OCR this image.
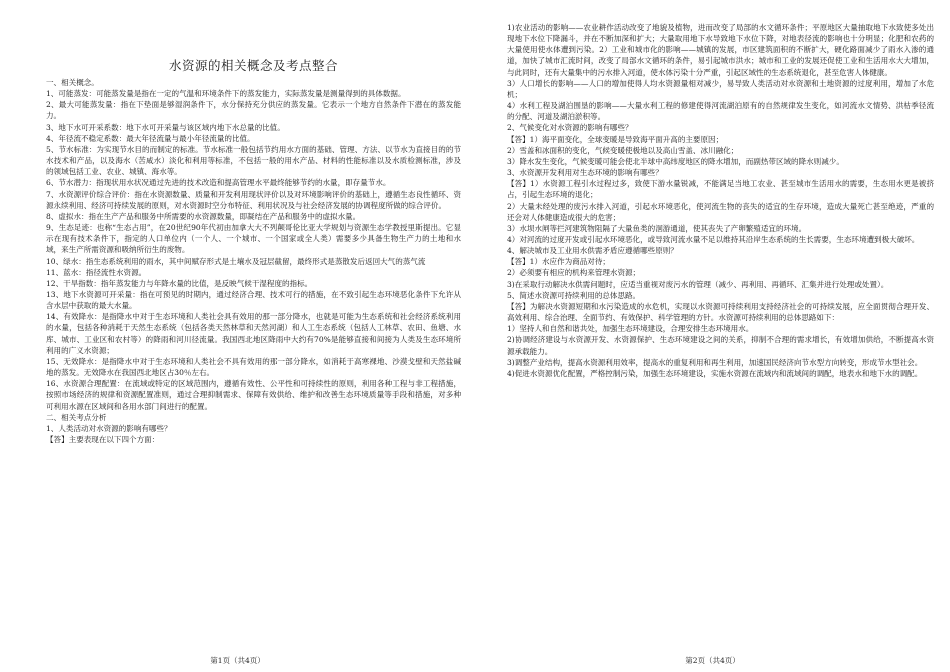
水资源的相关概念及考点整合

一、相关概念。

1、可能蒸发：可能蒸发量是指在一定的气温和环境条件下的蒸发能力，实际蒸发量是测量得到的具体数据。

2、最大可能蒸发量：指在下垫面是够湿润条件下，水分保持充分供应的蒸发量。它表示一个地方自然条件下潜在的蒸发能力。

3、地下水可开采系数：地下水可开采量与该区域内地下水总量的比值。

4、年径流不稳定系数：最大年径流量与最小年径流量的比值。

5、节水标准：为实现节水目的而制定的标准。节水标准一般包括节约用水方面的基础、管理、方法、以节水为直接目的的节水技术和产品，以及海水（苦咸水）淡化和利用等标准，不包括一般的用水产品、材料的性能标准以及水质检测标准，涉及的领域包括工业、农业、城镇、海水等。

6、节水潜力：指现状用水状况通过先进的技术改造和提高管理水平最终能够节约的水量，即存量节水。

7、水资源评价综合评价：指在水资源数量、质量和开发利用现状评价以及对环境影响评价的基础上，遵循生态良性循环、资源永续利用、经济可持续发展的原则，对水资源时空分布特征、利用状况及与社会经济发展的协调程度所做的综合评价。

8、虚拟水：指在生产产品和服务中所需要的水资源数量，即凝结在产品和服务中的虚拟水量。

9、生态足迹：也称“生态占用”，在20世纪90年代初由加拿大大不列颠哥伦比亚大学规划与资源生态学教授里斯提出。它显示在现有技术条件下，指定的人口单位内（一个人、一个城市、一个国家或全人类）需要多少具备生物生产力的土地和水域，来生产所需资源和吸纳所衍生的废物。

10、绿水：指生态系统利用的雨水，其中间赋存形式是土壤水及冠层截留，最终形式是蒸散发后返回大气的蒸气流

11、蓝水：指径流性水资源。

12、干旱指数：指年蒸发能力与年降水量的比值，是反映气候干湿程度的指标。

13、地下水资源可开采量：指在可预见的时期内，通过经济合理、技术可行的措施，在不致引起生态环境恶化条件下允许从含水层中获取的最大水量。

14、有效降水：是指降水中对于生态环境和人类社会具有效用的那一部分降水，也就是可能为生态系统和社会经济系统利用的水量，包括各种消耗于天然生态系统（包括各类天然林草和天然河湖）和人工生态系统（包括人工林草、农田、鱼塘、水库、城市、工业区和农村等）的降雨和河川径流量。我国西北地区降雨中大约有70%是能够直接和间接为人类及生态环境所利用的广义水资源；

15、无效降水：是指降水中对于生态环境和人类社会不具有效用的那一部分降水，如消耗于高寒裸地、沙漠戈壁和天然盐碱地的蒸发。无效降水在我国西北地区占30％左右。

16、水资源合理配置：在流域或特定的区域范围内，遵循有效性、公平性和可持续性的原则，利用各种工程与非工程措施，按照市场经济的规律和资源配置准则，通过合理抑制需求、保障有效供给、维护和改善生态环境质量等手段和措施，对多种可利用水源在区域间和各用水部门间进行的配置。

二、相关考点分析

1、人类活动对水资源的影响有哪些？

【答】主要表现在以下四个方面：

第1页（共4页）

1)农业活动的影响——农业耕作活动改变了地貌及植物，进而改变了局部的水文循环条件；平原地区大量抽取地下水致使多处出现地下水位下降漏斗，并在不断加深和扩大；大量取用地下水导致地下水位下降，对地表径流的影响也十分明显；化肥和农药的大量使用使水体遭到污染。2）工业和城市化的影响——城镇的发展，市区建筑面积的不断扩大，硬化路面减少了雨水入渗的通道，加快了城市汇流时间，改变了局部水文循环的条件，易引起城市洪水；城市和工业的发展还促使工业和生活用水大大增加，与此同时，还有大量集中的污水排入河道，使水体污染十分严重，引起区域性的生态系统退化，甚至危害人体健康。

3）人口增长的影响——人口的增加使得人均水资源量相对减少，易导致人类活动对水资源和土地资源的过度利用，增加了水危机；

4）水利工程及湖泊围垦的影响——大量水利工程的修建使得河流湖泊原有的自然规律发生变化，如河流水文情势、洪枯季径流的分配、河道及湖泊淤积等。

2、气候变化对水资源的影响有哪些？

【答】1）海平面变化，全球变暖是导致海平面升高的主要原因；

2）雪盖和冰面积的变化，气候变暖使极地以及高山雪盖、冰川融化；

3）降水发生变化，气候变暖可能会使北半球中高纬度地区的降水增加，而副热带区域的降水则减少。

3、水资源开发利用对生态环境的影响有哪些？

【答】1）水资源工程引水过程过多，致使下游水量锐减，不能满足当地工农业、甚至城市生活用水的需要，生态用水更是被挤占，引起生态环境的退化；

2）大量未经处理的废污水排入河道，引起水环境恶化，使河流生物的丧失的适宜的生存环境，造成大量死亡甚至绝迹，严重的还会对人体健康造成很大的危害；

3）水坝水闸等拦河建筑物阻隔了大量鱼类的洄游通道，使其丧失了产卵繁殖适宜的环境。

4）对河流的过度开发或引起水环境恶化，或导致河流水量不足以维持其沿岸生态系统的生长需要，生态环境遭到极大破坏。

4、解决城市及工业用水供需矛盾应遵循哪些原则？

【答】1）水应作为商品对待；

2）必须要有相应的机构来管理水资源；

3)在采取行动解决水供需问题时，应适当重视对废污水的管理（减少、再利用、再循环、汇集并进行处理或处置）。

5、简述水资源可持续利用的总体思路。

【答】为解决水资源短期和水污染造成的水危机，实现以水资源可持续利用支持经济社会的可持续发展，应全面贯彻合理开发、高效利用、综合治理、全面节约、有效保护、科学管理的方针。水资源可持续利用的总体思路如下：

1）坚持人和自然和谐共处，加强生态环境建设，合理安排生态环境用水。

2)协调经济建设与水资源开发、水资源保护、生态环境建设之间的关系，抑制不合理的需求增长，有效增加供给，不断提高水资源承载能力。

3)调整产业结构，提高水资源利用效率，提高水的重复利用和再生利用，加速国民经济向节水型方向转变，形成节水型社会。

4)促进水资源优化配置，严格控制污染，加强生态环境建设，实施水资源在流域内和流域间的调配，地表水和地下水的调配。

第2页（共4页）
